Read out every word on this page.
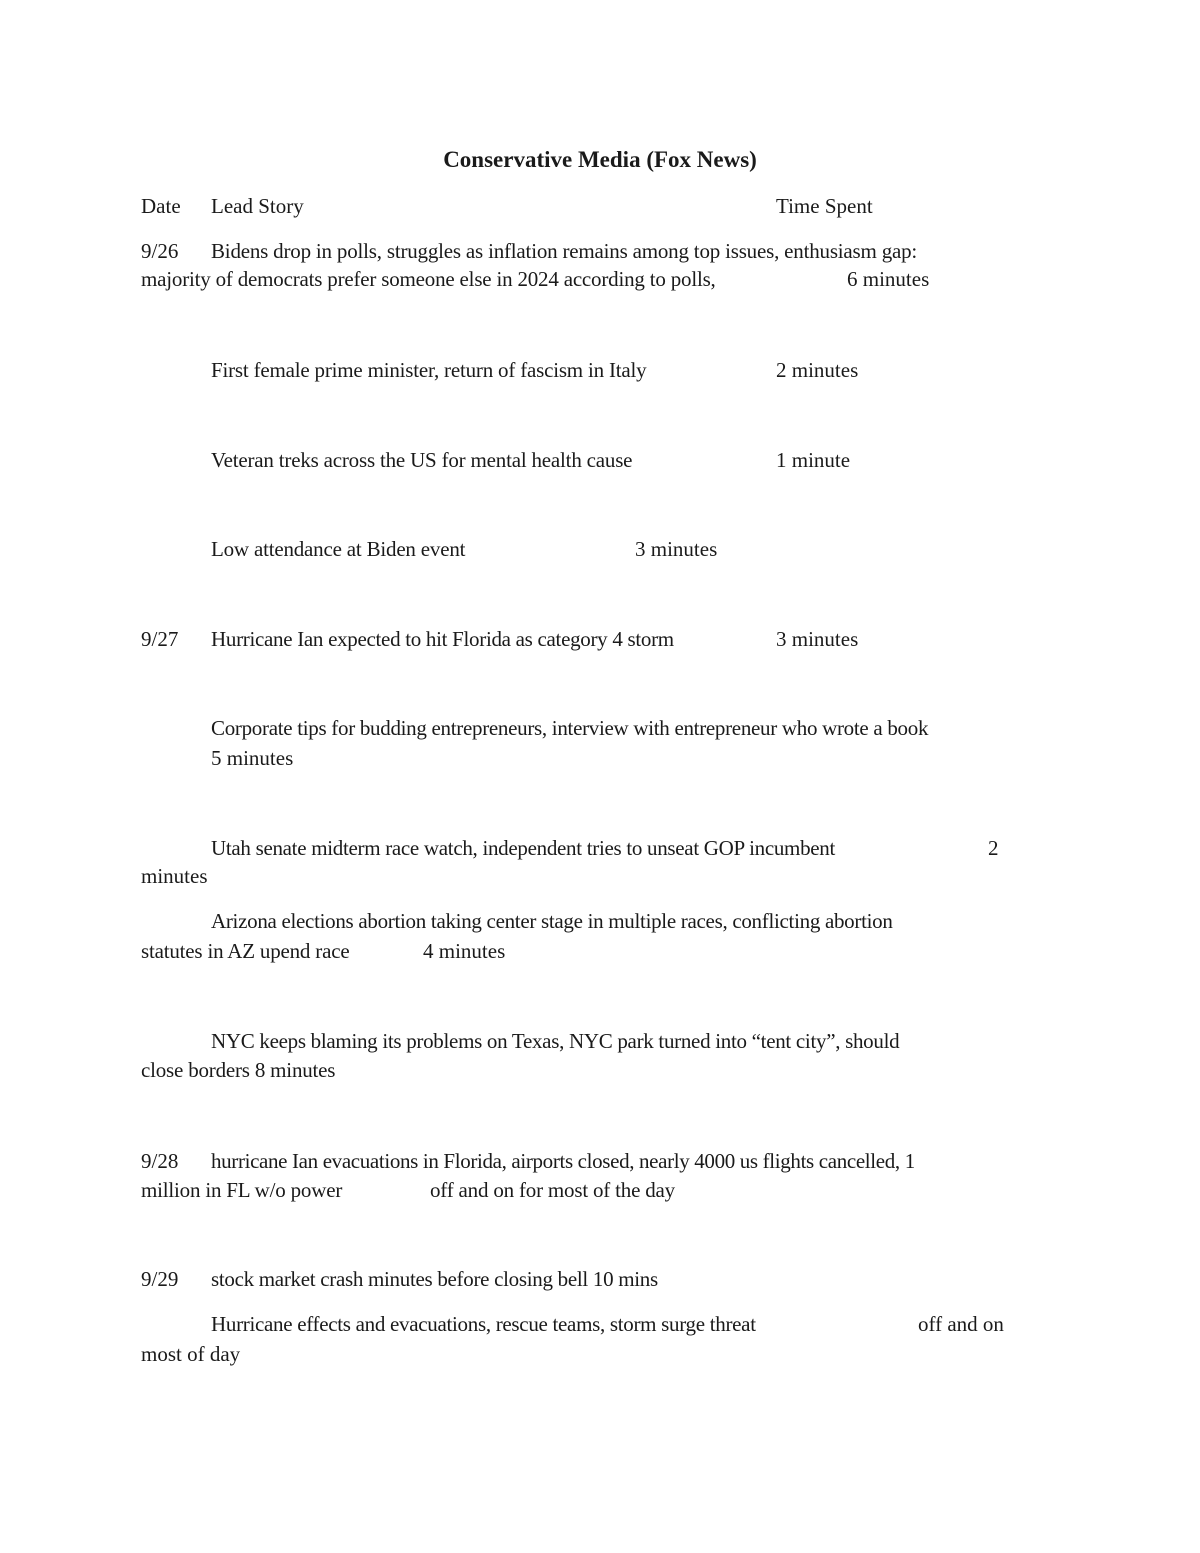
Conservative Media (Fox News)
Date Lead Story	Time Spent
9/26 Bidens drop in polls, struggles as inflation remains among top issues, enthusiasm gap:
majority of democrats prefer someone else in 2024 according to polls,	6 minutes
First female prime minister, return of fascism in Italy	2 minutes
Veteran treks across the US for mental health cause	1 minute
Low attendance at Biden event	3 minutes
9/27 Hurricane Ian expected to hit Florida as category 4 storm	3 minutes
Corporate tips for budding entrepreneurs, interview with entrepreneur who wrote a book
5 minutes
Utah senate midterm race watch, independent tries to unseat GOP incumbent	2
minutes
Arizona elections abortion taking center stage in multiple races, conflicting abortion
statutes in AZ upend race	4 minutes
NYC keeps blaming its problems on Texas, NYC park turned into “tent city”, should
close borders 8 minutes
9/28 hurricane Ian evacuations in Florida, airports closed, nearly 4000 us flights cancelled, 1
million in FL w/o power	off and on for most of the day
9/29 stock market crash minutes before closing bell 10 mins
Hurricane effects and evacuations, rescue teams, storm surge threat	off and on
most of day
